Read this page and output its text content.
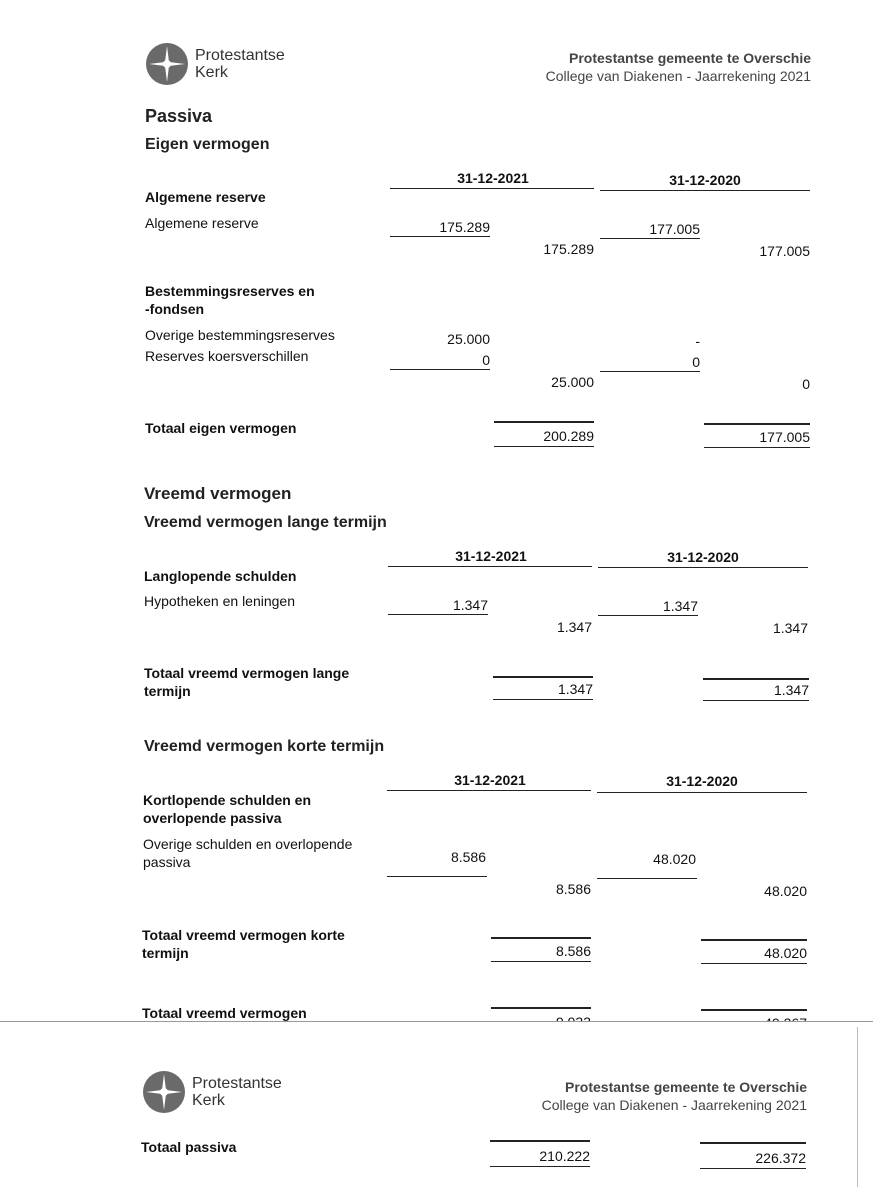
Protestantse
Kerk
Protestantse gemeente te Overschie
College van Diakenen - Jaarrekening 2021
Passiva
Eigen vermogen
31-12-2021	31-12-2020
Algemene reserve
Algemene reserve	175.289	177.005
175.289	177.005
Bestemmingsreserves en
-fondsen
Overige bestemmingsreserves	25.000	-
Reserves koersverschillen	0	0
25.000	0
Totaal eigen vermogen	200.289	177.005
Vreemd vermogen
Vreemd vermogen lange termijn
31-12-2021	31-12-2020
Langlopende schulden
Hypotheken en leningen	1.347	1.347
1.347	1.347
Totaal vreemd vermogen lange
termijn	1.347	1.347
Vreemd vermogen korte termijn
31-12-2021	31-12-2020
Kortlopende schulden en
overlopende passiva
Overige schulden en overlopende
passiva	8.586	48.020
8.586	48.020
Totaal vreemd vermogen korte
termijn	8.586	48.020
Totaal vreemd vermogen
Protestantse
Kerk
Protestantse gemeente te Overschie
College van Diakenen - Jaarrekening 2021
Totaal passiva
210.222	226.372
